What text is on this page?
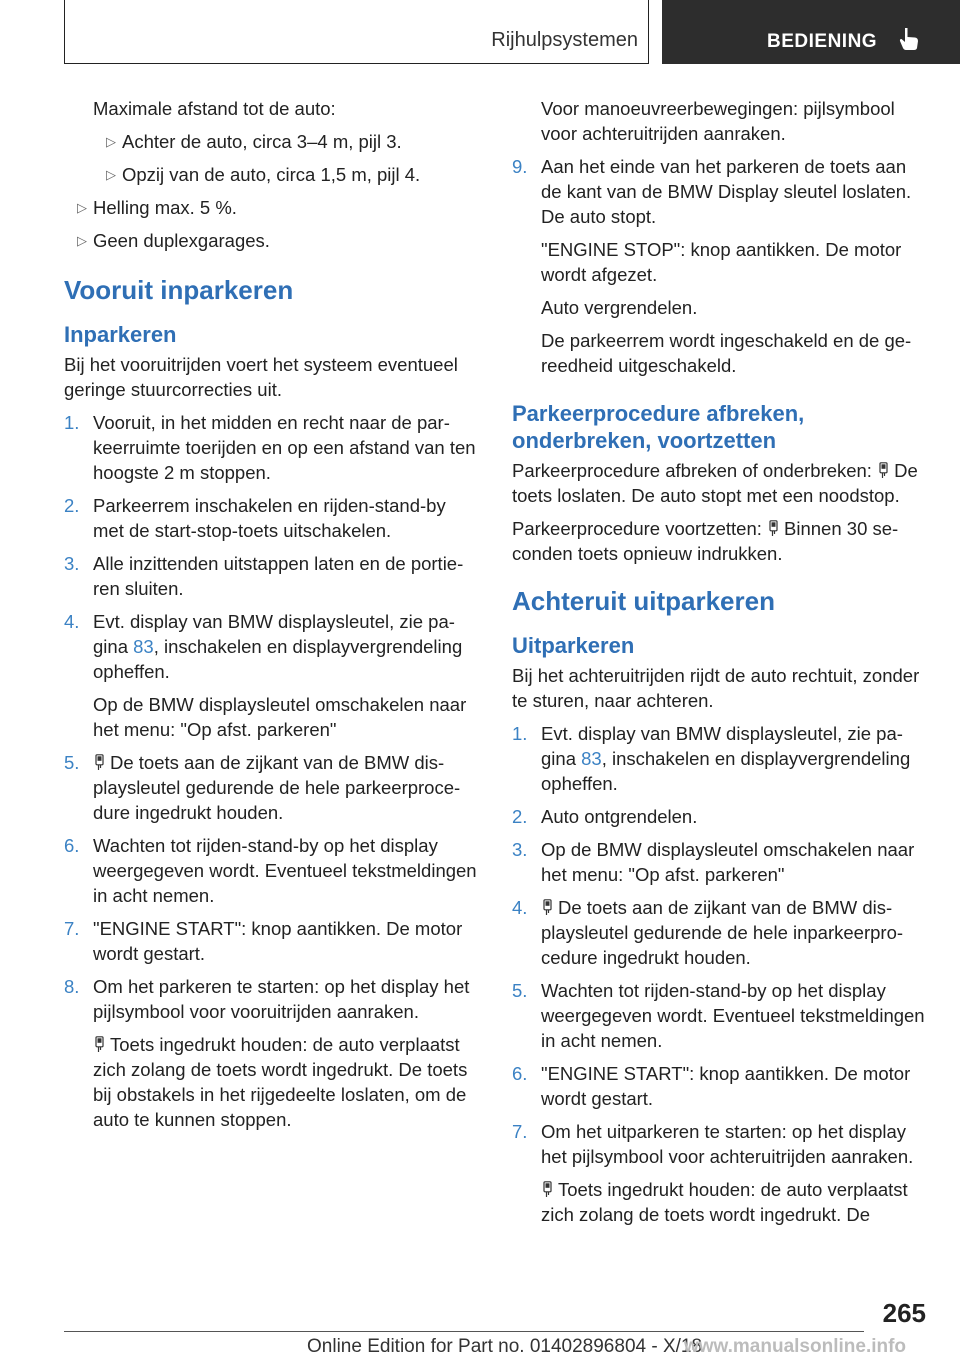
Rijhulpsystemen	BEDIENING

Maximale afstand tot de auto:

▷ Achter de auto, circa 3–4 m, pijl 3.

▷ Opzij van de auto, circa 1,5 m, pijl 4.

▷ Helling max. 5 %.

▷ Geen duplexgarages.

Vooruit inparkeren
Inparkeren

Bij het vooruitrijden voert het systeem eventueel geringe stuurcorrecties uit.

1. Vooruit, in het midden en recht naar de parkeerruimte toerijden en op een afstand van ten hoogste 2 m stoppen.
2. Parkeerrem inschakelen en rijden-stand-by met de start-stop-toets uitschakelen.
3. Alle inzittenden uitstappen laten en de portieren sluiten.
4. Evt. display van BMW displaysleutel, zie pagina 83, inschakelen en displayvergrendeling opheffen.

Op de BMW displaysleutel omschakelen naar het menu: "Op afst. parkeren"

5. De toets aan de zijkant van de BMW displaysleutel gedurende de hele parkeerprocedure ingedrukt houden.
6. Wachten tot rijden-stand-by op het display weergegeven wordt. Eventueel tekstmeldingen in acht nemen.
7. "ENGINE START": knop aantikken. De motor wordt gestart.
8. Om het parkeren te starten: op het display het pijlsymbool voor vooruitrijden aanraken.

Toets ingedrukt houden: de auto verplaatst zich zolang de toets wordt ingedrukt. De toets bij obstakels in het rijgedeelte loslaten, om de auto te kunnen stoppen.

Voor manoeuvreerbewegingen: pijlsymbool voor achteruitrijden aanraken.

9. Aan het einde van het parkeren de toets aan de kant van de BMW Display sleutel loslaten. De auto stopt.

"ENGINE STOP": knop aantikken. De motor wordt afgezet.

Auto vergrendelen.

De parkeerrem wordt ingeschakeld en de gereedheid uitgeschakeld.

Parkeerprocedure afbreken, onderbreken, voortzetten

Parkeerprocedure afbreken of onderbreken: De toets loslaten. De auto stopt met een noodstop.

Parkeerprocedure voortzetten: Binnen 30 seconden toets opnieuw indrukken.

Achteruit uitparkeren
Uitparkeren

Bij het achteruitrijden rijdt de auto rechtuit, zonder te sturen, naar achteren.

1. Evt. display van BMW displaysleutel, zie pagina 83, inschakelen en displayvergrendeling opheffen.
2. Auto ontgrendelen.
3. Op de BMW displaysleutel omschakelen naar het menu: "Op afst. parkeren"
4. De toets aan de zijkant van de BMW displaysleutel gedurende de hele inparkeerprocedure ingedrukt houden.
5. Wachten tot rijden-stand-by op het display weergegeven wordt. Eventueel tekstmeldingen in acht nemen.
6. "ENGINE START": knop aantikken. De motor wordt gestart.
7. Om het uitparkeren te starten: op het display het pijlsymbool voor achteruitrijden aanraken.

Toets ingedrukt houden: de auto verplaatst zich zolang de toets wordt ingedrukt. De

265
Online Edition for Part no. 01402896804 - X/18
www.manualsonline.info
